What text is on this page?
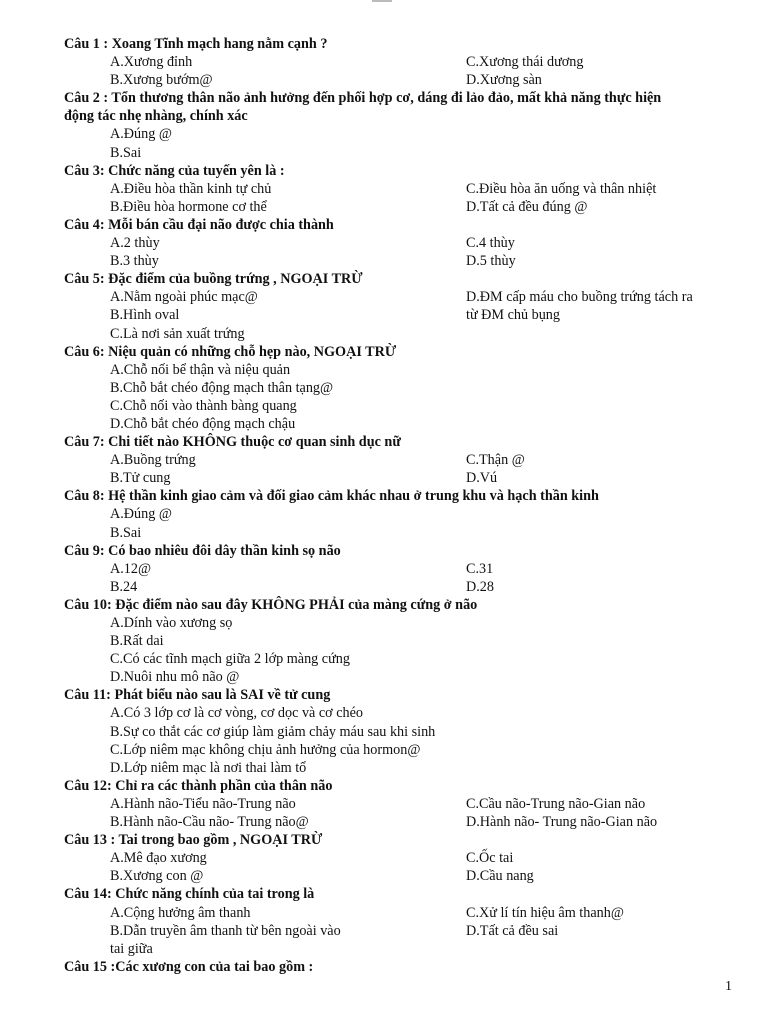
Câu 1 : Xoang Tĩnh mạch hang nằm cạnh ?
A.Xương đỉnh	C.Xương thái dương
B.Xương bướm@	D.Xương sàn
Câu 2 : Tổn thương thân não ảnh hưởng đến phối hợp cơ, dáng đi lảo đảo, mất khả năng thực hiện
động tác nhẹ nhàng, chính xác
A.Đúng @
B.Sai
Câu 3: Chức năng của tuyến yên là :
A.Điều hòa thần kinh tự chủ	C.Điều hòa ăn uống và thân nhiệt
B.Điều hòa hormone cơ thể	D.Tất cả đều đúng @
Câu 4: Mỗi bán cầu đại não được chia thành
A.2 thùy	C.4 thùy
B.3 thùy	D.5 thùy
Câu 5: Đặc điểm của buồng trứng , NGOẠI TRỪ
A.Nằm ngoài phúc mạc@	D.ĐM cấp máu cho buồng trứng tách ra
B.Hình oval	từ ĐM chủ bụng
C.Là nơi sản xuất trứng
Câu 6: Niệu quản có những chỗ hẹp nào, NGOẠI TRỪ
A.Chỗ nối bể thận và niệu quản
B.Chỗ bắt chéo động mạch thân tạng@
C.Chỗ nối vào thành bàng quang
D.Chỗ bắt chéo động mạch chậu
Câu 7: Chi tiết nào KHÔNG thuộc cơ quan sinh dục nữ
A.Buồng trứng	C.Thận @
B.Tử cung	D.Vú
Câu 8: Hệ thần kinh giao cảm và đối giao cảm khác nhau ở trung khu và hạch thần kinh
A.Đúng @
B.Sai
Câu 9: Có bao nhiêu đôi dây thần kinh sọ não
A.12@	C.31
B.24	D.28
Câu 10: Đặc điểm nào sau đây KHÔNG PHẢI của màng cứng ở não
A.Dính vào xương sọ
B.Rất dai
C.Có các tĩnh mạch giữa 2 lớp màng cứng
D.Nuôi nhu mô não @
Câu 11: Phát biểu nào sau là SAI về tử cung
A.Có 3 lớp cơ là cơ vòng, cơ dọc và cơ chéo
B.Sự co thắt các cơ giúp làm giảm chảy máu sau khi sinh
C.Lớp niêm mạc không chịu ảnh hưởng của hormon@
D.Lớp niêm mạc là nơi thai làm tổ
Câu 12: Chỉ ra các thành phần của thân não
A.Hành não-Tiểu não-Trung não	C.Cầu não-Trung não-Gian não
B.Hành não-Cầu não- Trung não@	D.Hành não- Trung não-Gian não
Câu 13 : Tai trong bao gồm , NGOẠI TRỪ
A.Mê đạo xương	C.Ốc tai
B.Xương con @	D.Cầu nang
Câu 14: Chức năng chính của tai trong là
A.Cộng hưởng âm thanh	C.Xử lí tín hiệu âm thanh@
B.Dẫn truyền âm thanh từ bên ngoài vào	D.Tất cả đều sai
tai giữa
Câu 15 :Các xương con của tai bao gồm :
1
